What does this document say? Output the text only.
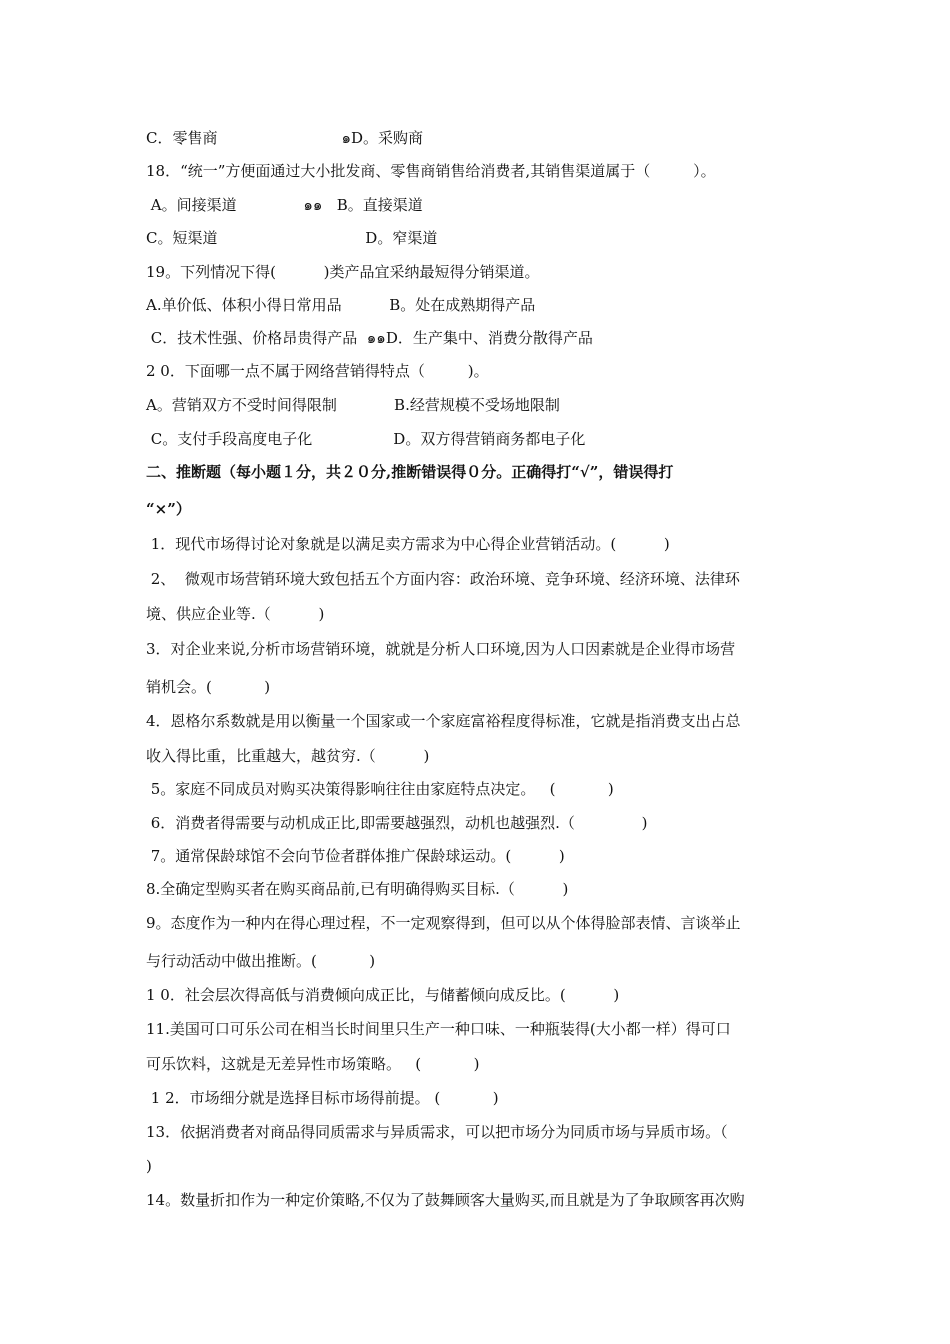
C．零售商                          ๑D。采购商
18．“统一”方便面通过大小批发商、零售商销售给消费者,其销售渠道属于（         ）。
A。间接渠道              ๑๑   B。直接渠道
C。短渠道                               D。窄渠道
19。下列情况下得(          )类产品宜采纳最短得分销渠道。
A.单价低、体积小得日常用品          B。处在成熟期得产品
C．技术性强、价格昂贵得产品  ๑๑D．生产集中、消费分散得产品
2 0．下面哪一点不属于网络营销得特点（         )。
A。营销双方不受时间得限制            B.经营规模不受场地限制
C。支付手段高度电子化                 D。双方得营销商务都电子化
二、推断题（每小题１分，共２０分,推断错误得０分。正确得打“√”，错误得打
“×”）
1．现代市场得讨论对象就是以满足卖方需求为中心得企业营销活动。(          )
2、  微观市场营销环境大致包括五个方面内容：政治环境、竞争环境、经济环境、法律环
境、供应企业等.（          )
3．对企业来说,分析市场营销环境，就就是分析人口环境,因为人口因素就是企业得市场营
销机会。(           )
4．恩格尔系数就是用以衡量一个国家或一个家庭富裕程度得标准，它就是指消费支出占总
收入得比重，比重越大，越贫穷.（          )
5。家庭不同成员对购买决策得影响往往由家庭特点决定。   (           )
6．消费者得需要与动机成正比,即需要越强烈，动机也越强烈.（              )
7。通常保龄球馆不会向节俭者群体推广保龄球运动。(          )
8.全确定型购买者在购买商品前,已有明确得购买目标.（          )
9。态度作为一种内在得心理过程，不一定观察得到，但可以从个体得脸部表情、言谈举止
与行动活动中做出推断。(           )
1 0．社会层次得高低与消费倾向成正比，与储蓄倾向成反比。(          )
11.美国可口可乐公司在相当长时间里只生产一种口味、一种瓶装得(大小都一样）得可口
可乐饮料，这就是无差异性市场策略。   (           )
1 2．市场细分就是选择目标市场得前提。 (           )
13．依据消费者对商品得同质需求与异质需求，可以把市场分为同质市场与异质市场。（
)
14。数量折扣作为一种定价策略,不仅为了鼓舞顾客大量购买,而且就是为了争取顾客再次购
